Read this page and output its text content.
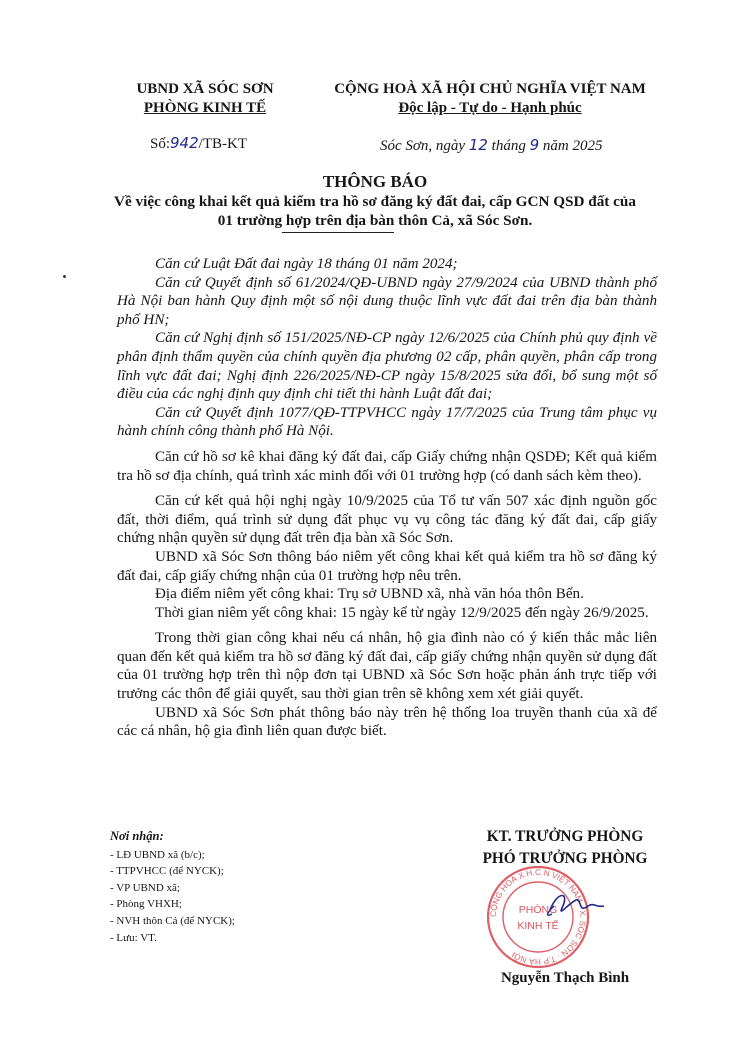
UBND XÃ SÓC SƠN
PHÒNG KINH TẾ
CỘNG HOÀ XÃ HỘI CHỦ NGHĨA VIỆT NAM
Độc lập - Tự do - Hạnh phúc
Số:942/TB-KT	Sóc Sơn, ngày 12 tháng 9 năm 2025
THÔNG BÁO
Về việc công khai kết quả kiểm tra hồ sơ đăng ký đất đai, cấp GCN QSD đất của 01 trường hợp trên địa bàn thôn Cả, xã Sóc Sơn.

Căn cứ Luật Đất đai ngày 18 tháng 01 năm 2024;

Căn cứ Quyết định số 61/2024/QĐ-UBND ngày 27/9/2024 của UBND thành phố Hà Nội ban hành Quy định một số nội dung thuộc lĩnh vực đất đai trên địa bàn thành phố HN;

Căn cứ Nghị định số 151/2025/NĐ-CP ngày 12/6/2025 của Chính phủ quy định về phân định thẩm quyền của chính quyền địa phương 02 cấp, phân quyền, phân cấp trong lĩnh vực đất đai; Nghị định 226/2025/NĐ-CP ngày 15/8/2025 sửa đổi, bổ sung một số điều của các nghị định quy định chi tiết thi hành Luật đất đai;

Căn cứ Quyết định 1077/QĐ-TTPVHCC ngày 17/7/2025 của Trung tâm phục vụ hành chính công thành phố Hà Nội.

Căn cứ hồ sơ kê khai đăng ký đất đai, cấp Giấy chứng nhận QSDĐ; Kết quả kiểm tra hồ sơ địa chính, quá trình xác minh đối với 01 trường hợp (có danh sách kèm theo).

Căn cứ kết quả hội nghị ngày 10/9/2025 của Tổ tư vấn 507 xác định nguồn gốc đất, thời điểm, quá trình sử dụng đất phục vụ vụ công tác đăng ký đất đai, cấp giấy chứng nhận quyền sử dụng đất trên địa bàn xã Sóc Sơn.

UBND xã Sóc Sơn thông báo niêm yết công khai kết quả kiểm tra hồ sơ đăng ký đất đai, cấp giấy chứng nhận của 01 trường hợp nêu trên.

Địa điểm niêm yết công khai: Trụ sở UBND xã, nhà văn hóa thôn Bến.

Thời gian niêm yết công khai: 15 ngày kể từ ngày 12/9/2025 đến ngày 26/9/2025.

Trong thời gian công khai nếu cá nhân, hộ gia đình nào có ý kiến thắc mắc liên quan đến kết quả kiểm tra hồ sơ đăng ký đất đai, cấp giấy chứng nhận quyền sử dụng đất của 01 trường hợp trên thì nộp đơn tại UBND xã Sóc Sơn hoặc phản ánh trực tiếp với trưởng các thôn để giải quyết, sau thời gian trên sẽ không xem xét giải quyết.

UBND xã Sóc Sơn phát thông báo này trên hệ thống loa truyền thanh của xã để các cá nhân, hộ gia đình liên quan được biết.

Nơi nhận:
- LĐ UBND xã (b/c);
- TTPVHCC (để NYCK);
- VP UBND xã;
- Phòng VHXH;
- NVH thôn Cả (để NYCK);
- Lưu: VT.
KT. TRƯỞNG PHÒNG
PHÓ TRƯỞNG PHÒNG
CỘNG HOÀ X.H.C.N VIỆT NAM · X. SÓC SƠN · T.P HÀ NỘI
PHÒNG
KINH TẾ
Nguyễn Thạch Bình
